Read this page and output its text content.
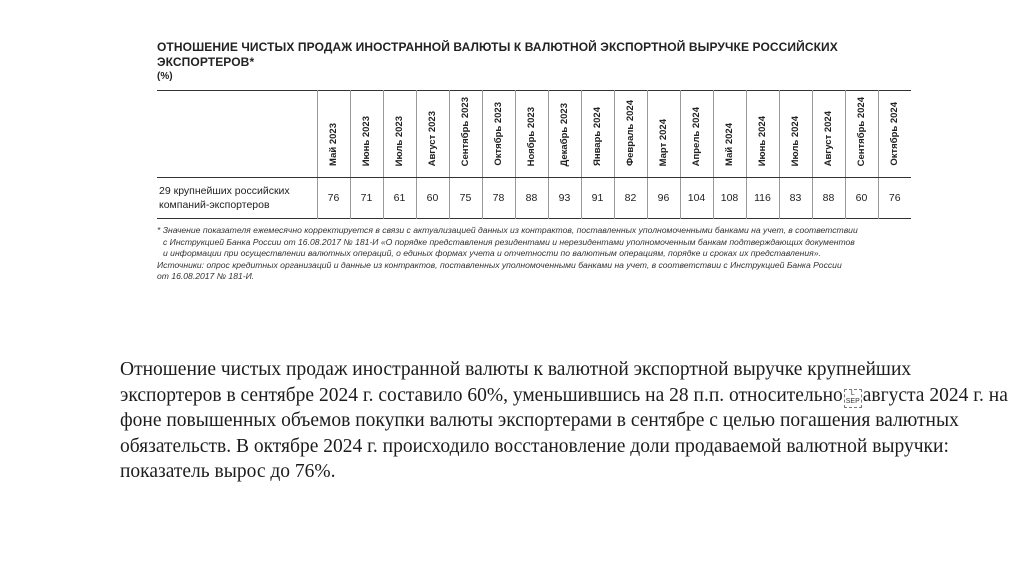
ОТНОШЕНИЕ ЧИСТЫХ ПРОДАЖ ИНОСТРАННОЙ ВАЛЮТЫ К ВАЛЮТНОЙ ЭКСПОРТНОЙ ВЫРУЧКЕ РОССИЙСКИХ
ЭКСПОРТЕРОВ*
(%)
	Май 2023	Июнь 2023	Июль 2023	Август 2023	Сентябрь 2023	Октябрь 2023	Ноябрь 2023	Декабрь 2023	Январь 2024	Февраль 2024	Март 2024	Апрель 2024	Май 2024	Июнь 2024	Июль 2024	Август 2024	Сентябрь 2024	Октябрь 2024
29 крупнейших российских
компаний-экспортеров	76	71	61	60	75	78	88	93	91	82	96	104	108	116	83	88	60	76
* Значение показателя ежемесячно корректируется в связи с актуализацией данных из контрактов, поставленных уполномоченными банками на учет, в соответствии
с Инструкцией Банка России от 16.08.2017 № 181-И «О порядке представления резидентами и нерезидентами уполномоченным банкам подтверждающих документов
и информации при осуществлении валютных операций, о единых формах учета и отчетности по валютным операциям, порядке и сроках их представления».
Источники: опрос кредитных организаций и данные из контрактов, поставленных уполномоченными банками на учет, в соответствии с Инструкцией Банка России
от 16.08.2017 № 181-И.
Отношение чистых продаж иностранной валюты к валютной экспортной выручке крупнейших экспортеров в сентябре 2024 г. составило 60%, уменьшившись на 28 п.п. относительно L
SEP августа 2024 г. на фоне повышенных объемов покупки валюты экспортерами в сентябре с целью погашения валютных обязательств. В октябре 2024 г. происходило восстановление доли продаваемой валютной выручки: показатель вырос до 76%.
